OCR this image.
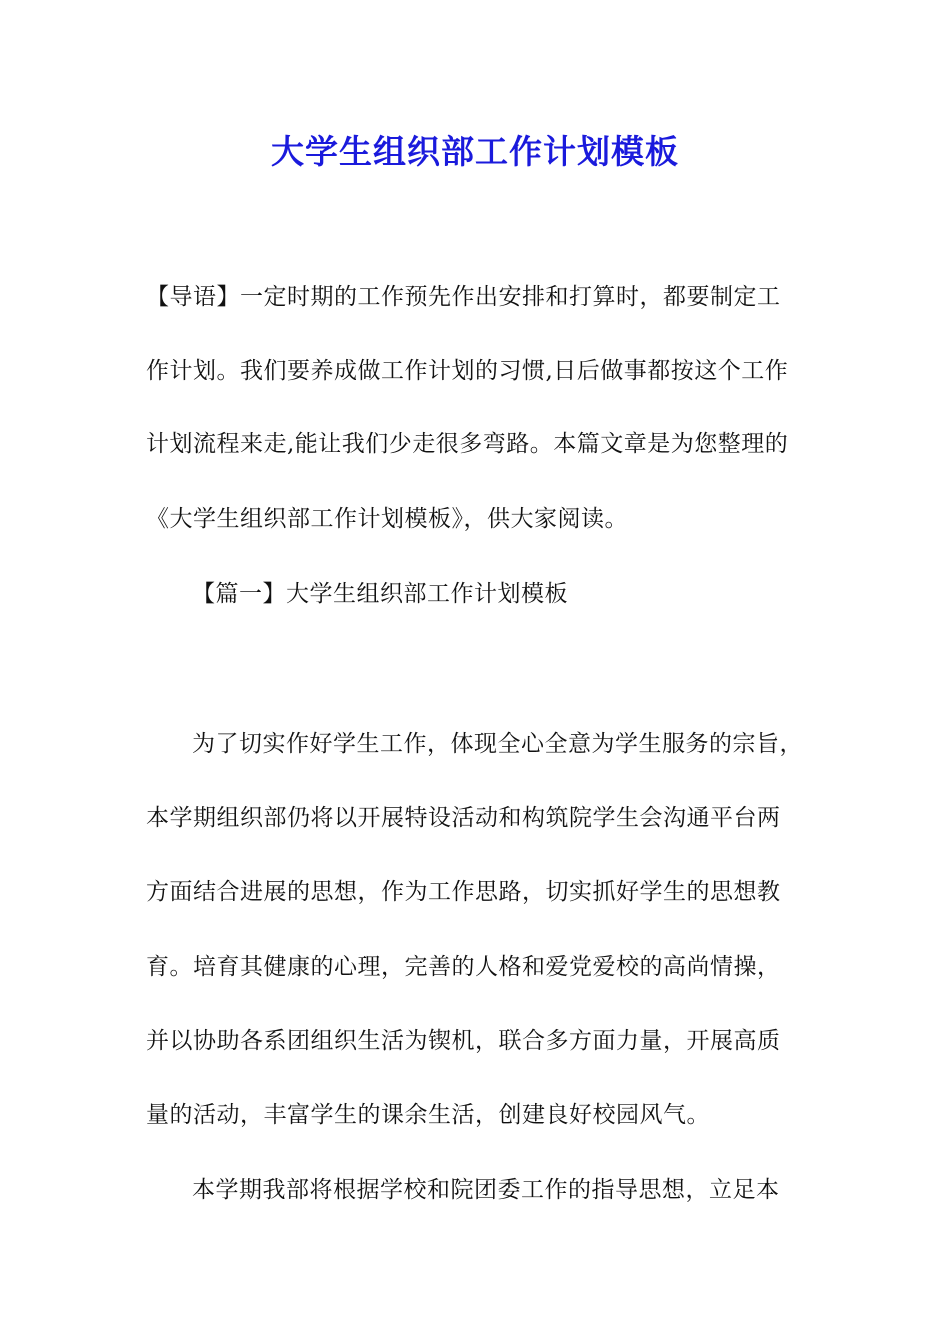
大学生组织部工作计划模板
【导语】一定时期的工作预先作出安排和打算时，都要制定工
作计划。我们要养成做工作计划的习惯,日后做事都按这个工作
计划流程来走,能让我们少走很多弯路。本篇文章是为您整理的
《大学生组织部工作计划模板》，供大家阅读。
【篇一】大学生组织部工作计划模板
为了切实作好学生工作，体现全心全意为学生服务的宗旨，
本学期组织部仍将以开展特设活动和构筑院学生会沟通平台两
方面结合进展的思想，作为工作思路，切实抓好学生的思想教
育。培育其健康的心理，完善的人格和爱党爱校的高尚情操，
并以协助各系团组织生活为锲机，联合多方面力量，开展高质
量的活动，丰富学生的课余生活，创建良好校园风气。
本学期我部将根据学校和院团委工作的指导思想，立足本
